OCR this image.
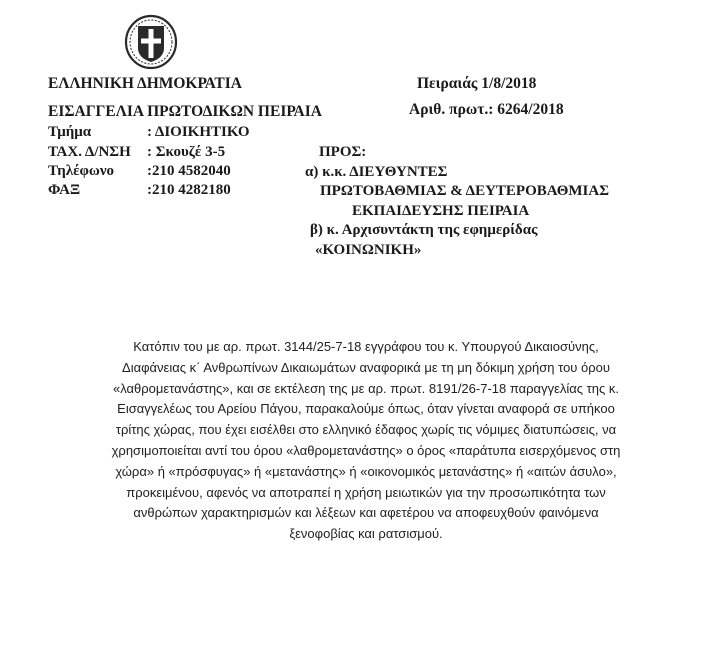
ΕΛΛΗΝΙΚΗ ΔΗΜΟΚΡΑΤΙΑ
ΕΙΣΑΓΓΕΛΙΑ ΠΡΩΤΟΔΙΚΩΝ ΠΕΙΡΑΙΑ
Τμήμα	: ΔΙΟΙΚΗΤΙΚΟ
ΤΑΧ. Δ/ΝΣΗ : Σκουζέ 3-5
Τηλέφωνο :210 4582040
ΦΑΞ	:210 4282180
Πειραιάς 1/8/2018
Αριθ. πρωτ.: 6264/2018
ΠΡΟΣ:
α) κ.κ. ΔΙΕΥΘΥΝΤΕΣ
ΠΡΩΤΟΒΑΘΜΙΑΣ & ΔΕΥΤΕΡΟΒΑΘΜΙΑΣ
ΕΚΠΑΙΔΕΥΣΗΣ ΠΕΙΡΑΙΑ
β) κ. Αρχισυντάκτη της εφημερίδας
«ΚΟΙΝΩΝΙΚΗ»
Κατόπιν του με αρ. πρωτ. 3144/25-7-18 εγγράφου του κ. Υπουργού Δικαιοσύνης,
Διαφάνειας κ΄ Ανθρωπίνων Δικαιωμάτων αναφορικά με τη μη δόκιμη χρήση του όρου
«λαθρομετανάστης», και σε εκτέλεση της με αρ. πρωτ. 8191/26-7-18 παραγγελίας της κ.
Εισαγγελέως του Αρείου Πάγου, παρακαλούμε όπως, όταν γίνεται αναφορά σε υπήκοο
τρίτης χώρας, που έχει εισέλθει στο ελληνικό έδαφος χωρίς τις νόμιμες διατυπώσεις, να
χρησιμοποιείται αντί του όρου «λαθρομετανάστης» ο όρος «παράτυπα εισερχόμενος στη
χώρα» ή «πρόσφυγας» ή «μετανάστης» ή «οικονομικός μετανάστης» ή «αιτών άσυλο»,
προκειμένου, αφενός να αποτραπεί η χρήση μειωτικών για την προσωπικότητα των
ανθρώπων χαρακτηρισμών και λέξεων και αφετέρου να αποφευχθούν φαινόμενα
ξενοφοβίας και ρατσισμού.
